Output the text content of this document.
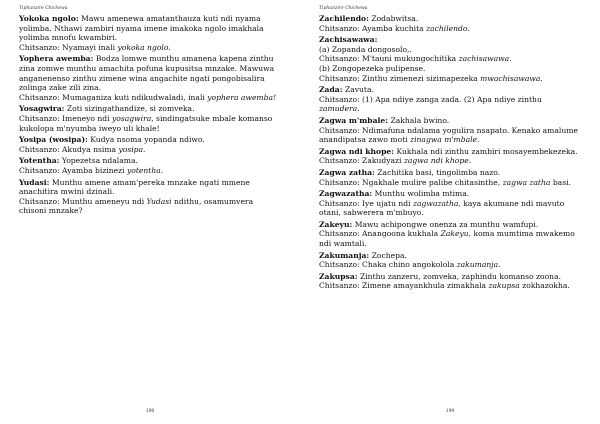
Tiphunzire Chichewa
Yokoka ngolo: Mawu amenewa amatanthauza kuti ndi nyama yolimba. Nthawi zambiri nyama imene imakoka ngolo imakhala yolimba mnofu kwambiri.
Chitsanzo: Nyamayi inali yokoka ngolo.
Yophera awemba: Bodza lomwe munthu amanena kapena zinthu zina zomwe munthu amachita pofuna kupusitsa mnzake. Mawuwa anganenenso zinthu zimene wina angachite ngati pongobisalira zolinga zake zili zina.
Chitsanzo: Mumaganiza kuti ndikudwaladi, inali yophera awemba!
Yosagwira: Zoti sizingathandize, si zomveka.
Chitsanzo: Imeneyo ndi yosagwira, sindingatsuke mbale komanso kukolopa m'nyumba iweyo uli khale!
Yosipa (wosipa): Kudya nsoma yopanda ndiwo.
Chitsanzo: Akudya nsima yosipa.
Yotentha: Yopezetsa ndalama.
Chitsanzo: Ayamba bizinezi yotentha.
Yudasi: Munthu amene amam'pereka mnzake ngati mmene anachitira mwini dzinali.
Chitsanzo: Munthu ameneyu ndi Yudasi ndithu, osamumvera chisoni mnzake?
198
Tiphunzire Chichewa
Zachilendo: Zodabwitsa.
Chitsanzo: Ayamba kuchita zachilendo.
Zachisawawa:
(a) Zopanda dongosolo,.
Chitsanzo: M'tauni mukungochitika zachisawawa.
(b) Zongopezeka pulipense.
Chitsanzo: Zinthu zimenezi sizimapezeka mwachisawawa.
Zada: Zavuta.
Chitsanzo: (1) Apa ndiye zanga zada. (2) Apa ndiye zinthu zamudera.
Zagwa m'mbale: Zakhala bwino.
Chitsanzo: Ndimafuna ndalama yogulira nsapato. Kenako amalume anandipatsa zawo moti zinagwa m'mbale.
Zagwa ndi khope: Kukhala ndi zinthu zambiri mosayembekezeka.
Chitsanzo: Zakudyazi zagwa ndi khope.
Zagwa zatha: Zachitika basi, tingolimba nazo.
Chitsanzo: Ngakhale mulire palibe chitasinthe, zagwa zatha basi.
Zagwazatha: Munthu wolimba mtima.
Chitsanzo: Iye ujatu ndi zagwazatha, kaya akumane ndi mavuto otani, sabwerera m'mbuyo.
Zakeyu: Mawu achipongwe onenza za munthu wamfupi.
Chitsanzo: Anangoona kukhala Zakeyu, koma mumtima mwakemo ndi wamtali.
Zakumanja: Zochepa.
Chitsanzo: Chaka chino angokolola zakumanja.
Zakupsa: Zinthu zanzeru, zomveka, zaphindu komanso zoona.
Chitsanzo: Zimene amayankhula zimakhala zakupsa zokhazokha.
199
